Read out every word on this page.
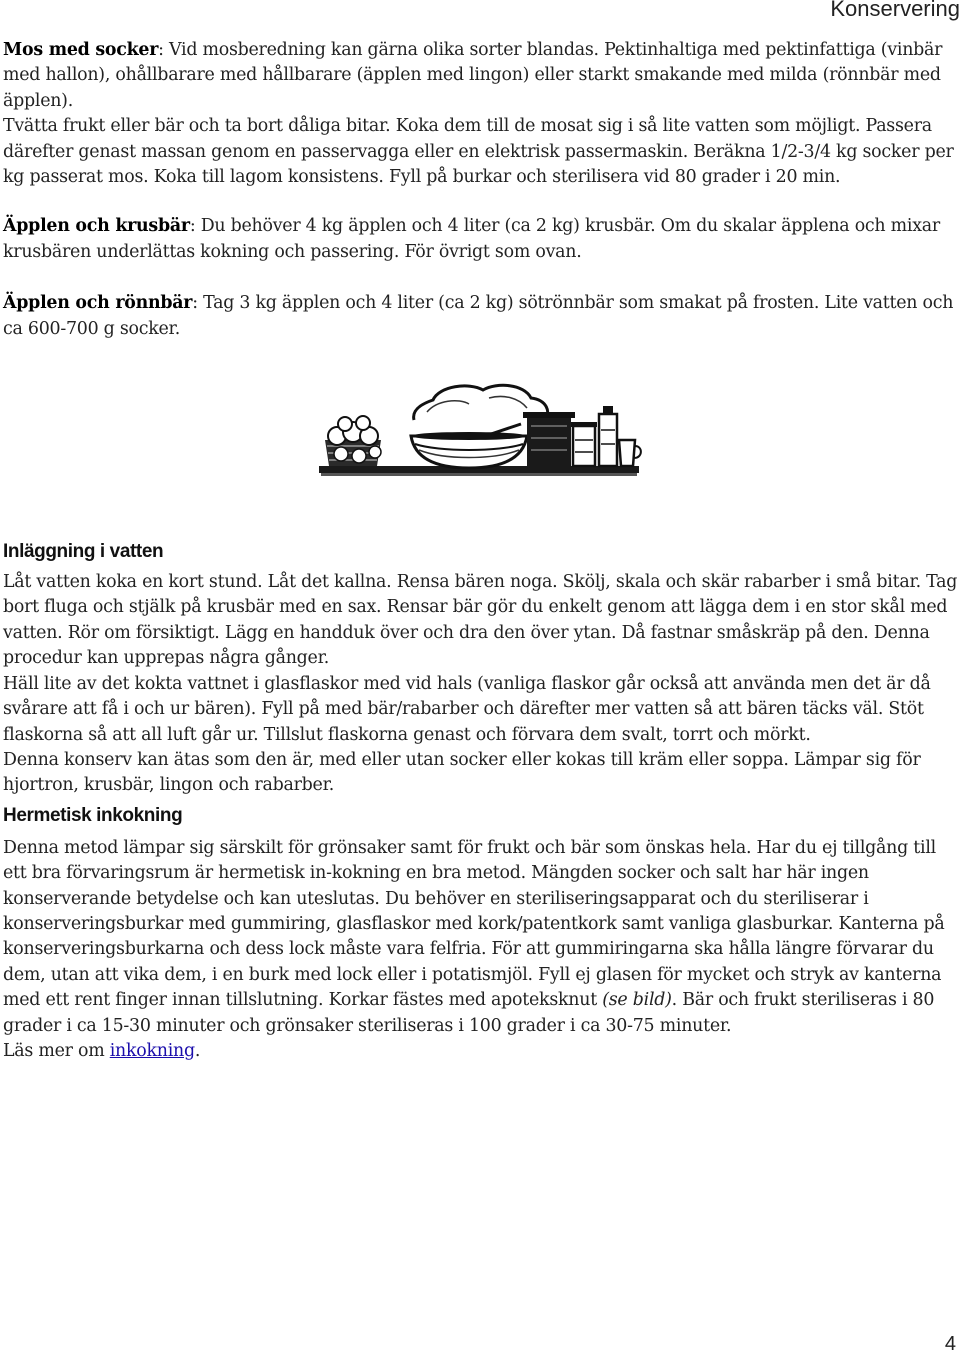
Konservering

Mos med socker: Vid mosberedning kan gärna olika sorter blandas. Pektinhaltiga med pektinfattiga (vinbär med hallon), ohållbarare med hållbarare (äpplen med lingon) eller starkt smakande med milda (rönnbär med äpplen).

Tvätta frukt eller bär och ta bort dåliga bitar. Koka dem till de mosat sig i så lite vatten som möjligt. Passera därefter genast massan genom en passervagga eller en elektrisk passermaskin. Beräkna 1/2-3/4 kg socker per kg passerat mos. Koka till lagom konsistens. Fyll på burkar och sterilisera vid 80 grader i 20 min.

Äpplen och krusbär: Du behöver 4 kg äpplen och 4 liter (ca 2 kg) krusbär. Om du skalar äpplena och mixar krusbären underlättas kokning och passering. För övrigt som ovan.

Äpplen och rönnbär: Tag 3 kg äpplen och 4 liter (ca 2 kg) sötrönnbär som smakat på frosten. Lite vatten och ca 600-700 g socker.

Inläggning i vatten

Låt vatten koka en kort stund. Låt det kallna. Rensa bären noga. Skölj, skala och skär rabarber i små bitar. Tag bort fluga och stjälk på krusbär med en sax. Rensar bär gör du enkelt genom att lägga dem i en stor skål med vatten. Rör om försiktigt. Lägg en handduk över och dra den över ytan. Då fastnar småskräp på den. Denna procedur kan upprepas några gånger.

Häll lite av det kokta vattnet i glasflaskor med vid hals (vanliga flaskor går också att använda men det är då svårare att få i och ur bären). Fyll på med bär/rabarber och därefter mer vatten så att bären täcks väl. Stöt flaskorna så att all luft går ur. Tillslut flaskorna genast och förvara dem svalt, torrt och mörkt.

Denna konserv kan ätas som den är, med eller utan socker eller kokas till kräm eller soppa. Lämpar sig för hjortron, krusbär, lingon och rabarber.

Hermetisk inkokning

Denna metod lämpar sig särskilt för grönsaker samt för frukt och bär som önskas hela. Har du ej tillgång till ett bra förvaringsrum är hermetisk in-kokning en bra metod. Mängden socker och salt har här ingen konserverande betydelse och kan uteslutas. Du behöver en steriliseringsapparat och du steriliserar i konserveringsburkar med gummiring, glasflaskor med kork/patentkork samt vanliga glasburkar. Kanterna på konserveringsburkarna och dess lock måste vara felfria. För att gummiringarna ska hålla längre förvarar du dem, utan att vika dem, i en burk med lock eller i potatismjöl. Fyll ej glasen för mycket och stryk av kanterna med ett rent finger innan tillslutning. Korkar fästes med apoteksknut (se bild). Bär och frukt steriliseras i 80 grader i ca 15-30 minuter och grönsaker steriliseras i 100 grader i ca 30-75 minuter.

Läs mer om inkokning.

4
